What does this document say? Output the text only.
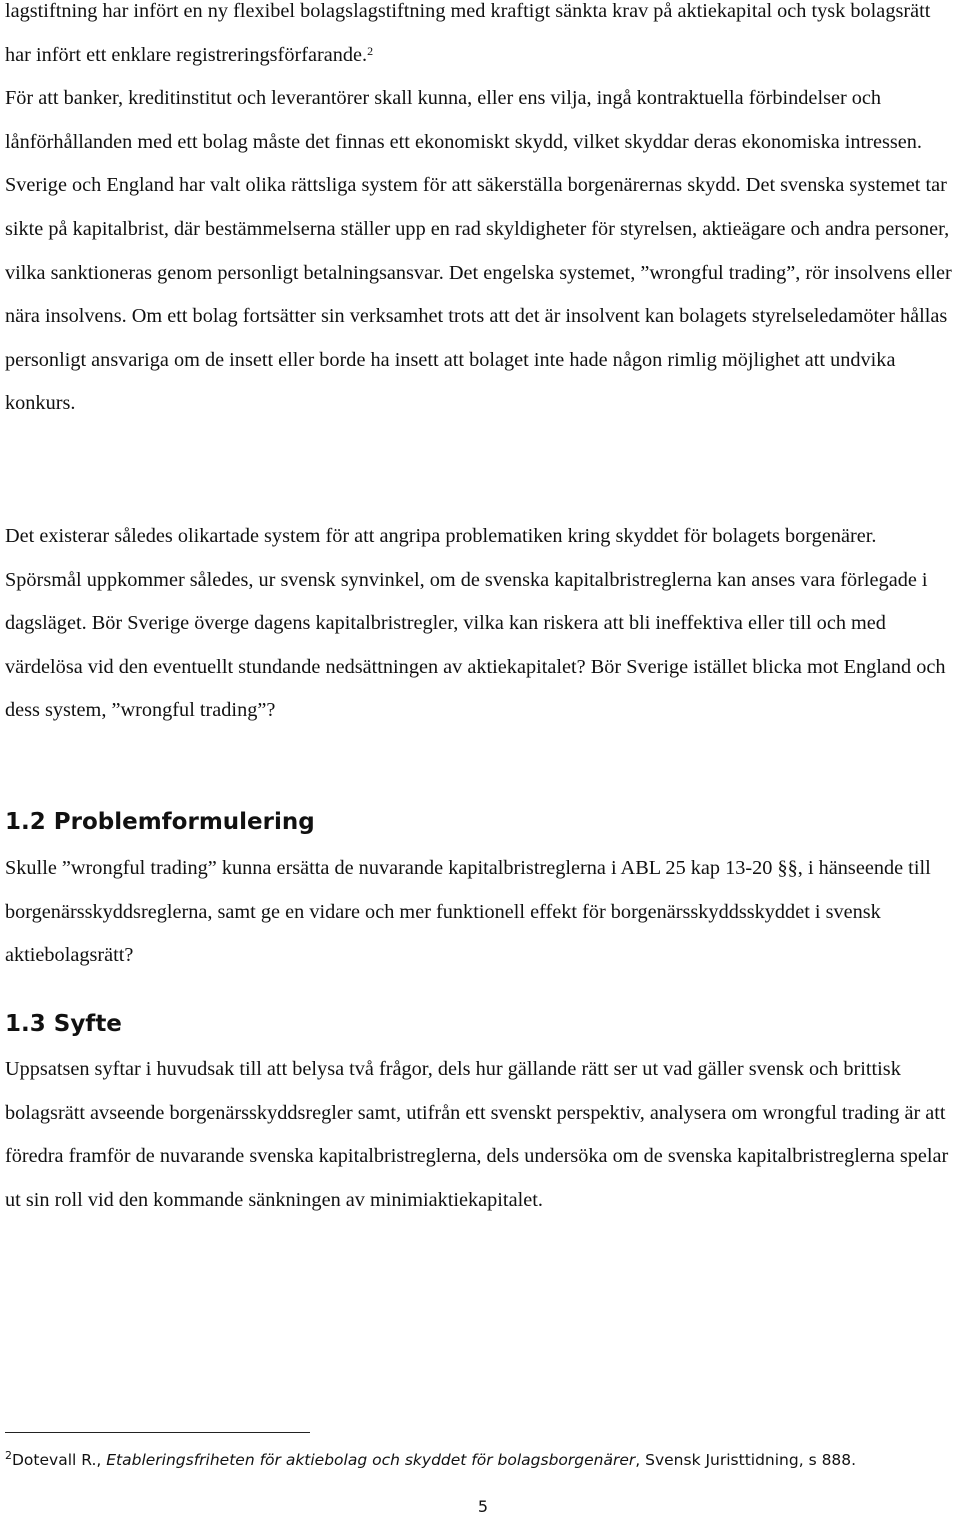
lagstiftning har infört en ny flexibel bolagslagstiftning med kraftigt sänkta krav på aktiekapital och tysk bolagsrätt har infört ett enklare registreringsförfarande.$^2$
För att banker, kreditinstitut och leverantörer skall kunna, eller ens vilja, ingå kontraktuella förbindelser och lånförhållanden med ett bolag måste det finnas ett ekonomiskt skydd, vilket skyddar deras ekonomiska intressen. Sverige och England har valt olika rättsliga system för att säkerställa borgenärernas skydd. Det svenska systemet tar sikte på kapitalbrist, där bestämmelserna ställer upp en rad skyldigheter för styrelsen, aktieägare och andra personer, vilka sanktioneras genom personligt betalningsansvar. Det engelska systemet, ”wrongful trading”, rör insolvens eller nära insolvens. Om ett bolag fortsätter sin verksamhet trots att det är insolvent kan bolagets styrelseledamöter hållas personligt ansvariga om de insett eller borde ha insett att bolaget inte hade någon rimlig möjlighet att undvika konkurs.

Det existerar således olikartade system för att angripa problematiken kring skyddet för bolagets borgenärer. Spörsmål uppkommer således, ur svensk synvinkel, om de svenska kapitalbristreglerna kan anses vara förlegade i dagsläget. Bör Sverige överge dagens kapitalbristregler, vilka kan riskera att bli ineffektiva eller till och med värdelösa vid den eventuellt stundande nedsättningen av aktiekapitalet? Bör Sverige istället blicka mot England och dess system, ”wrongful trading”?

1.2 Problemformulering

Skulle ”wrongful trading” kunna ersätta de nuvarande kapitalbristreglerna i ABL 25 kap 13-20 §§, i hänseende till borgenärsskyddsreglerna, samt ge en vidare och mer funktionell effekt för borgenärsskyddsskyddet i svensk aktiebolagsrätt?

1.3 Syfte

Uppsatsen syftar i huvudsak till att belysa två frågor, dels hur gällande rätt ser ut vad gäller svensk och brittisk bolagsrätt avseende borgenärsskyddsregler samt, utifrån ett svenskt perspektiv, analysera om wrongful trading är att föredra framför de nuvarande svenska kapitalbristreglerna, dels undersöka om de svenska kapitalbristreglerna spelar ut sin roll vid den kommande sänkningen av minimiaktiekapitalet.

$^2$Dotevall R., Etableringsfriheten för aktiebolag och skyddet för bolagsborgenärer, Svensk Juristtidning, s 888.

5
